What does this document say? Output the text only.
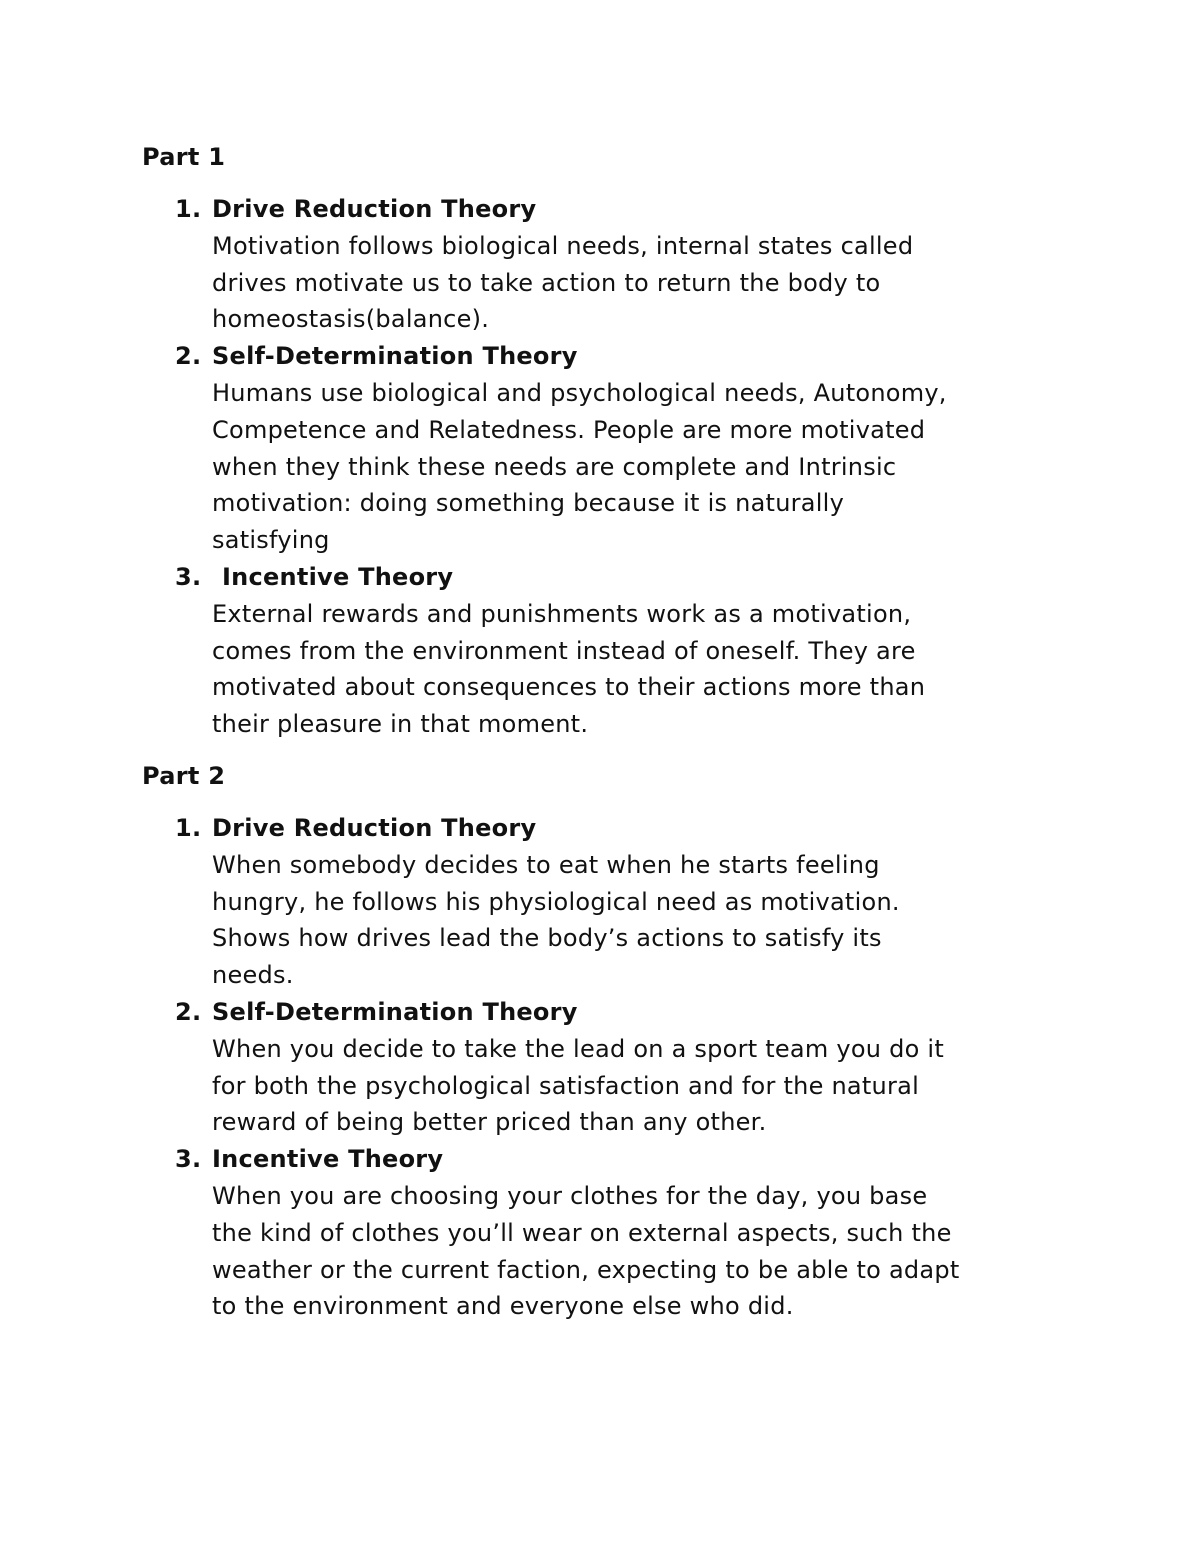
Part 1
1. Drive Reduction Theory
Motivation follows biological needs, internal states called
drives motivate us to take action to return the body to
homeostasis(balance).
2. Self-Determination Theory
Humans use biological and psychological needs, Autonomy,
Competence and Relatedness. People are more motivated
when they think these needs are complete and Intrinsic
motivation: doing something because it is naturally
satisfying
3. Incentive Theory
External rewards and punishments work as a motivation,
comes from the environment instead of oneself. They are
motivated about consequences to their actions more than
their pleasure in that moment.
Part 2
1. Drive Reduction Theory
When somebody decides to eat when he starts feeling
hungry, he follows his physiological need as motivation.
Shows how drives lead the body’s actions to satisfy its
needs.
2. Self-Determination Theory
When you decide to take the lead on a sport team you do it
for both the psychological satisfaction and for the natural
reward of being better priced than any other.
3. Incentive Theory
When you are choosing your clothes for the day, you base
the kind of clothes you’ll wear on external aspects, such the
weather or the current faction, expecting to be able to adapt
to the environment and everyone else who did.
